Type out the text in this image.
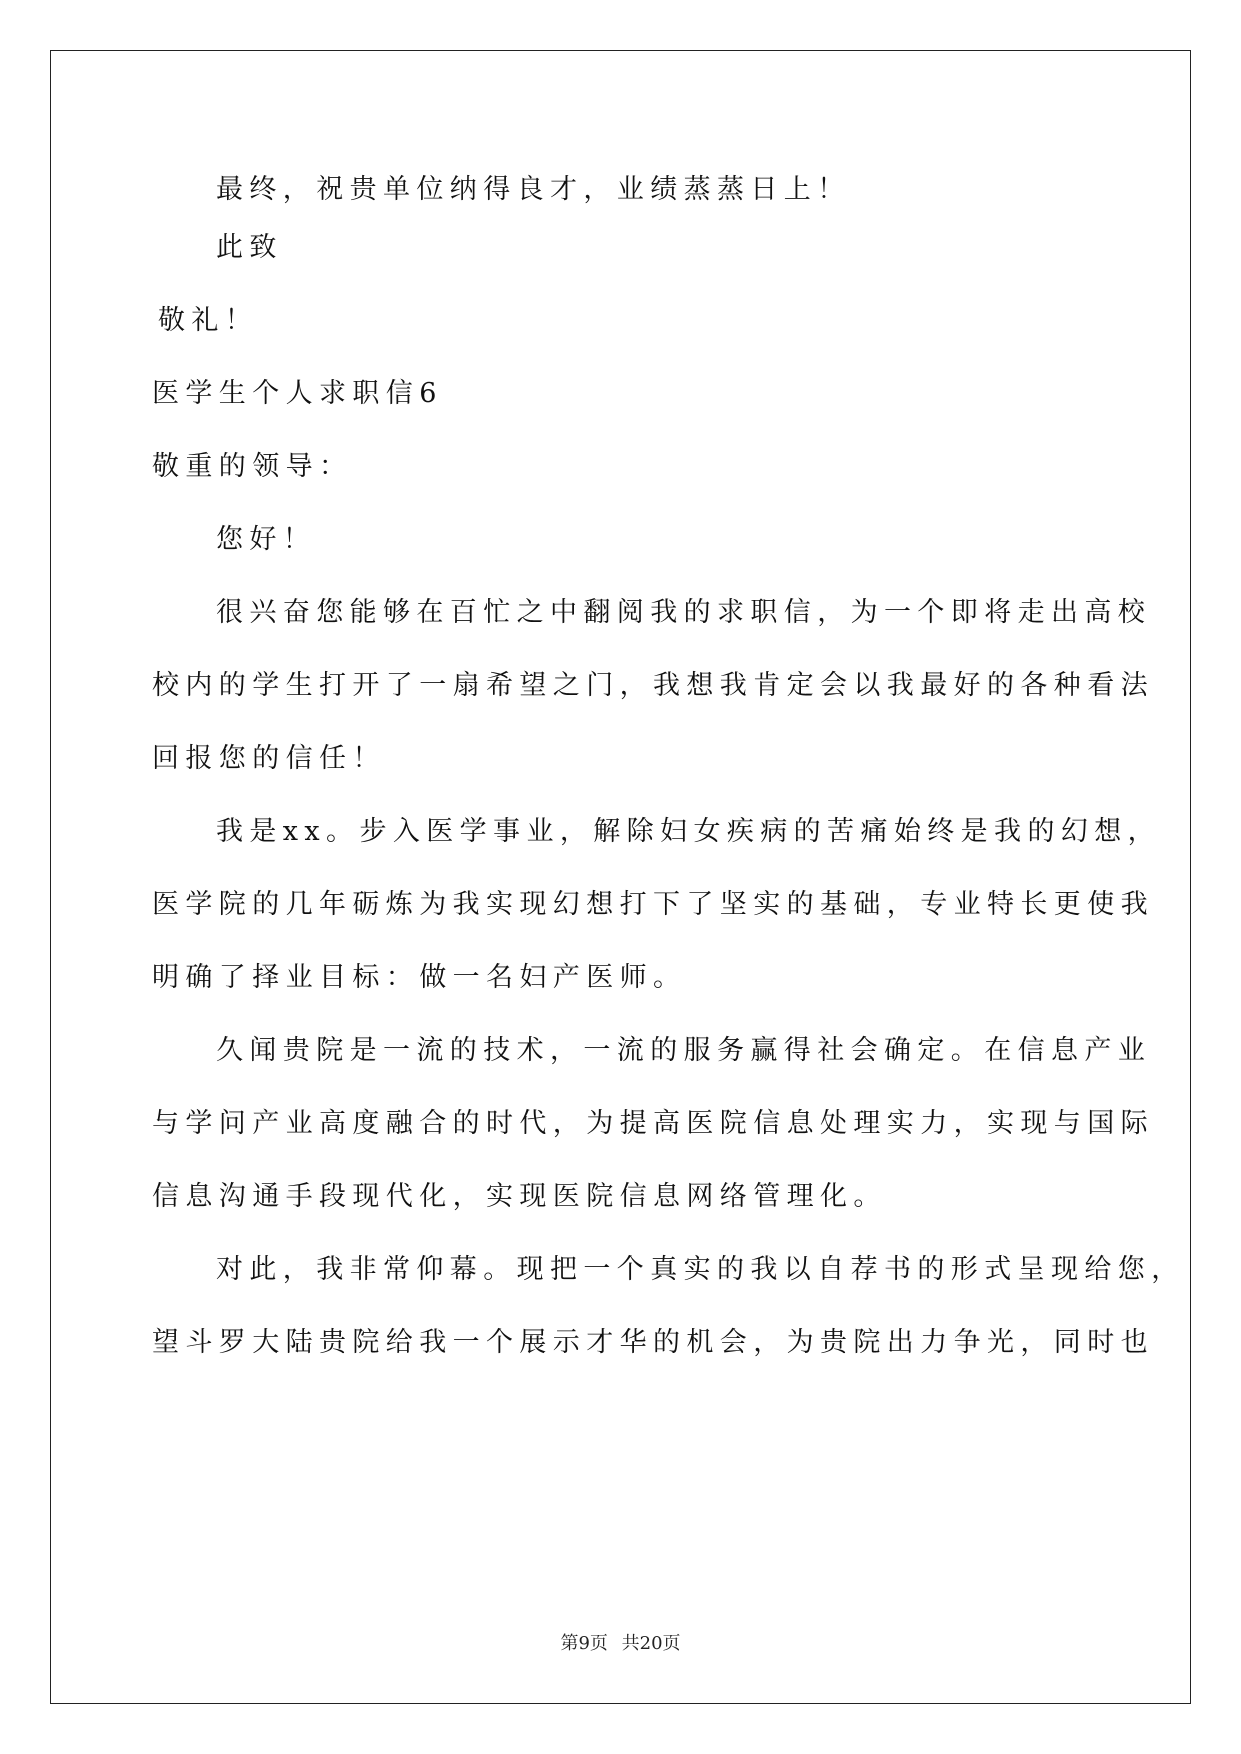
最终，祝贵单位纳得良才，业绩蒸蒸日上！
此致
敬礼！
医学生个人求职信6
敬重的领导：
您好！
很兴奋您能够在百忙之中翻阅我的求职信，为一个即将走出高校
校内的学生打开了一扇希望之门，我想我肯定会以我最好的各种看法
回报您的信任！
我是xx。步入医学事业，解除妇女疾病的苦痛始终是我的幻想，
医学院的几年砺炼为我实现幻想打下了坚实的基础，专业特长更使我
明确了择业目标：做一名妇产医师。
久闻贵院是一流的技术，一流的服务赢得社会确定。在信息产业
与学问产业高度融合的时代，为提高医院信息处理实力，实现与国际
信息沟通手段现代化，实现医院信息网络管理化。
对此，我非常仰幕。现把一个真实的我以自荐书的形式呈现给您，
望斗罗大陆贵院给我一个展示才华的机会，为贵院出力争光，同时也
第9页 共20页
